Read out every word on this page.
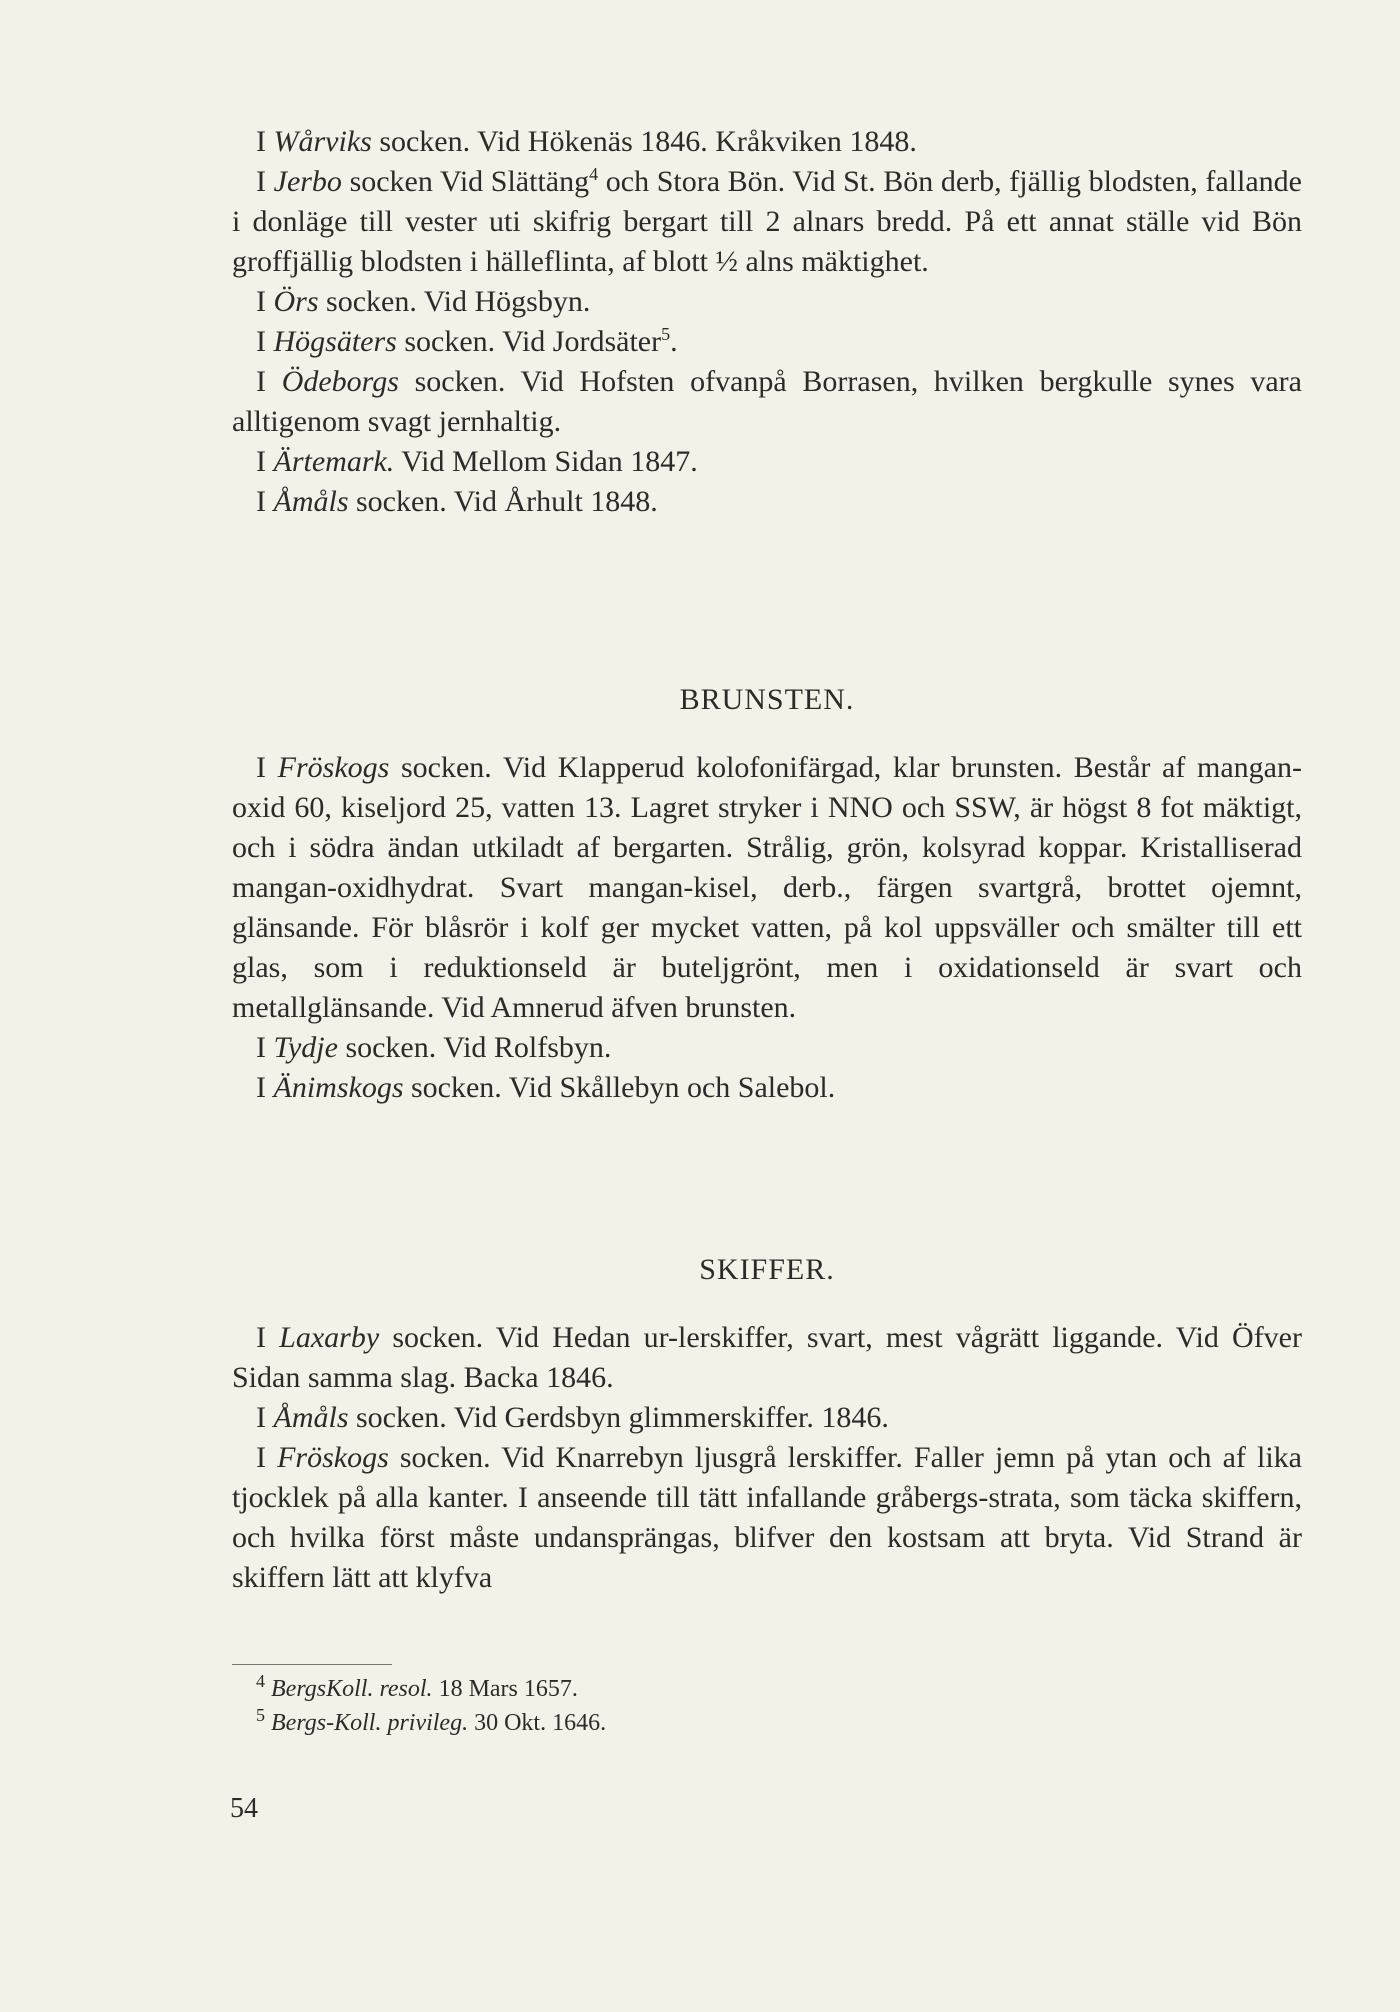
I Wårviks socken. Vid Hökenäs 1846. Kråkviken 1848.

I Jerbo socken Vid Slättäng$^4$ och Stora Bön. Vid St. Bön derb, fjällig blodsten, fallande i donläge till vester uti skifrig bergart till 2 alnars bredd. På ett annat ställe vid Bön groffjällig blodsten i hälleflinta, af blott ½ alns mäktighet.

I Örs socken. Vid Högsbyn.

I Högsäters socken. Vid Jordsäter$^5$.

I Ödeborgs socken. Vid Hofsten ofvanpå Borrasen, hvilken bergkulle synes vara alltigenom svagt jernhaltig.

I Ärtemark. Vid Mellom Sidan 1847.

I Åmåls socken. Vid Århult 1848.

BRUNSTEN.

I Fröskogs socken. Vid Klapperud kolofonifärgad, klar brunsten. Består af mangan-oxid 60, kiseljord 25, vatten 13. Lagret stryker i NNO och SSW, är högst 8 fot mäktigt, och i södra ändan utkiladt af bergarten. Strålig, grön, kolsyrad koppar. Kristalliserad mangan-oxidhydrat. Svart mangan-kisel, derb., färgen svartgrå, brottet ojemnt, glänsande. För blåsrör i kolf ger mycket vatten, på kol uppsväller och smälter till ett glas, som i reduktionseld är buteljgrönt, men i oxidationseld är svart och metallglänsande. Vid Amnerud äfven brunsten.

I Tydje socken. Vid Rolfsbyn.

I Änimskogs socken. Vid Skållebyn och Salebol.

SKIFFER.

I Laxarby socken. Vid Hedan ur-lerskiffer, svart, mest vågrätt liggande. Vid Öfver Sidan samma slag. Backa 1846.

I Åmåls socken. Vid Gerdsbyn glimmerskiffer. 1846.

I Fröskogs socken. Vid Knarrebyn ljusgrå lerskiffer. Faller jemn på ytan och af lika tjocklek på alla kanter. I anseende till tätt infallande gråbergs-strata, som täcka skiffern, och hvilka först måste undansprängas, blifver den kostsam att bryta. Vid Strand är skiffern lätt att klyfva

$^4$ BergsKoll. resol. 18 Mars 1657.
$^5$ Bergs-Koll. privileg. 30 Okt. 1646.
54
